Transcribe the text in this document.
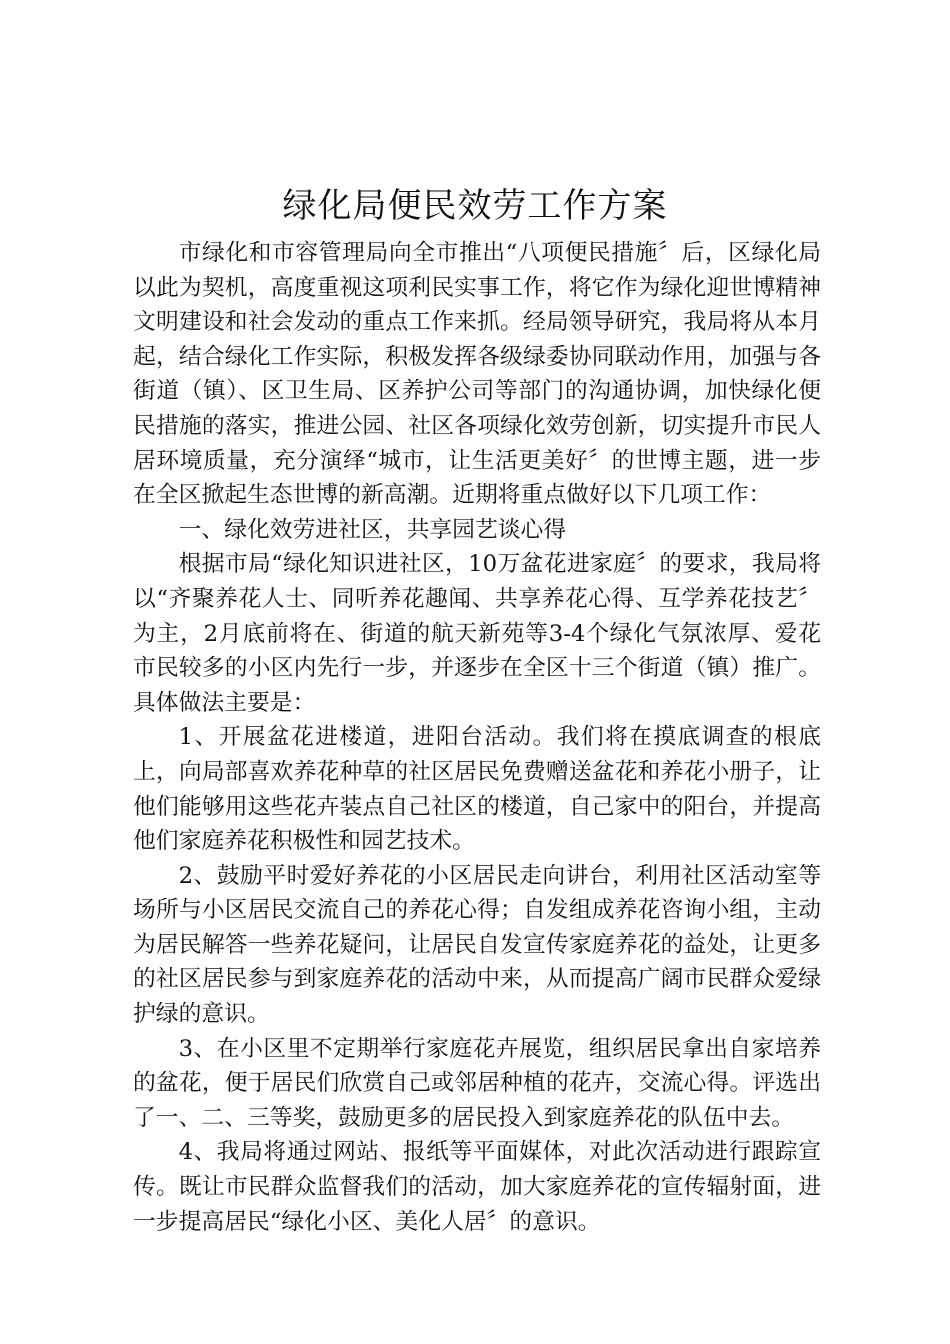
绿化局便民效劳工作方案

市绿化和市容管理局向全市推出“八项便民措施〞后，区绿化局以此为契机，高度重视这项利民实事工作，将它作为绿化迎世博精神文明建设和社会发动的重点工作来抓。经局领导研究，我局将从本月起，结合绿化工作实际，积极发挥各级绿委协同联动作用，加强与各街道（镇）、区卫生局、区养护公司等部门的沟通协调，加快绿化便民措施的落实，推进公园、社区各项绿化效劳创新，切实提升市民人居环境质量，充分演绎“城市，让生活更美好〞的世博主题，进一步在全区掀起生态世博的新高潮。近期将重点做好以下几项工作：

一、绿化效劳进社区，共享园艺谈心得

根据市局“绿化知识进社区，10万盆花进家庭〞的要求，我局将以“齐聚养花人士、同听养花趣闻、共享养花心得、互学养花技艺〞为主，2月底前将在、街道的航天新苑等3-4个绿化气氛浓厚、爱花市民较多的小区内先行一步，并逐步在全区十三个街道（镇）推广。具体做法主要是：

1、开展盆花进楼道，进阳台活动。我们将在摸底调查的根底上，向局部喜欢养花种草的社区居民免费赠送盆花和养花小册子，让他们能够用这些花卉装点自己社区的楼道，自己家中的阳台，并提高他们家庭养花积极性和园艺技术。

2、鼓励平时爱好养花的小区居民走向讲台，利用社区活动室等场所与小区居民交流自己的养花心得；自发组成养花咨询小组，主动为居民解答一些养花疑问，让居民自发宣传家庭养花的益处，让更多的社区居民参与到家庭养花的活动中来，从而提高广阔市民群众爱绿护绿的意识。

3、在小区里不定期举行家庭花卉展览，组织居民拿出自家培养的盆花，便于居民们欣赏自己或邻居种植的花卉，交流心得。评选出了一、二、三等奖，鼓励更多的居民投入到家庭养花的队伍中去。

4、我局将通过网站、报纸等平面媒体，对此次活动进行跟踪宣传。既让市民群众监督我们的活动，加大家庭养花的宣传辐射面，进一步提高居民“绿化小区、美化人居〞的意识。
